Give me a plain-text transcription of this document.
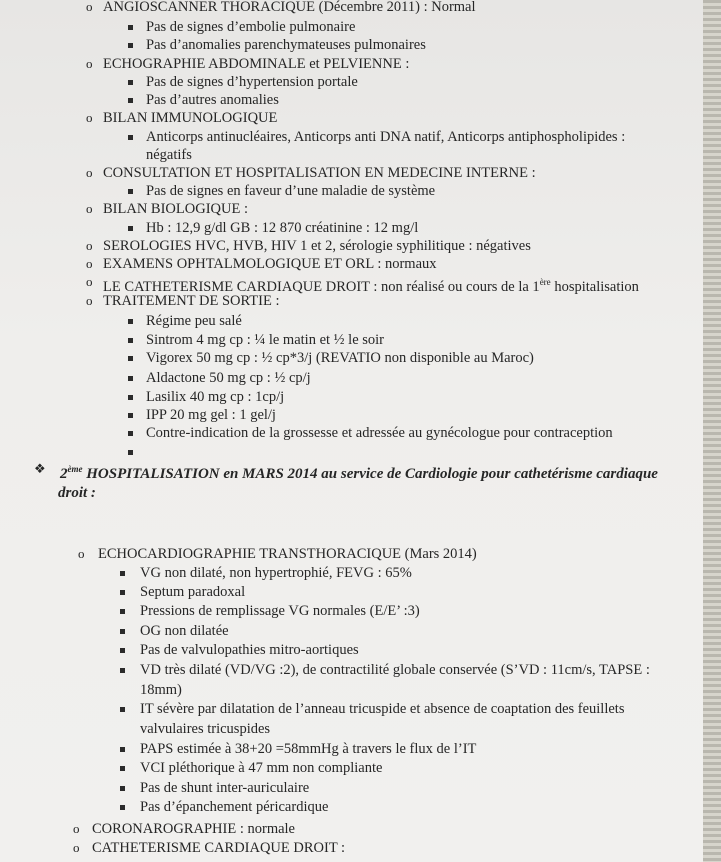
o ANGIOSCANNER THORACIQUE (Décembre 2011) : Normal
Pas de signes d’embolie pulmonaire
Pas d’anomalies parenchymateuses pulmonaires
o ECHOGRAPHIE ABDOMINALE et PELVIENNE :
Pas de signes d’hypertension portale
Pas d’autres anomalies
o BILAN IMMUNOLOGIQUE
Anticorps antinucléaires, Anticorps anti DNA natif, Anticorps antiphospholipides :
négatifs
o CONSULTATION ET HOSPITALISATION EN MEDECINE INTERNE :
Pas de signes en faveur d’une maladie de système
o BILAN BIOLOGIQUE :
Hb : 12,9 g/dl GB : 12 870 créatinine : 12 mg/l
o SEROLOGIES HVC, HVB, HIV 1 et 2, sérologie syphilitique : négatives
o EXAMENS OPHTALMOLOGIQUE ET ORL : normaux
o LE CATHETERISME CARDIAQUE DROIT : non réalisé ou cours de la 1ère hospitalisation
o TRAITEMENT DE SORTIE :
Régime peu salé
Sintrom 4 mg cp : ¼ le matin et ½ le soir
Vigorex 50 mg cp : ½ cp*3/j (REVATIO non disponible au Maroc)
Aldactone 50 mg cp : ½ cp/j
Lasilix 40 mg cp : 1cp/j
IPP 20 mg gel : 1 gel/j
Contre-indication de la grossesse et adressée au gynécologue pour contraception
o ECHOCARDIOGRAPHIE TRANSTHORACIQUE (Mars 2014)
VG non dilaté, non hypertrophié, FEVG : 65%
Septum paradoxal
Pressions de remplissage VG normales (E/E’ :3)
OG non dilatée
Pas de valvulopathies mitro-aortiques
VD très dilaté (VD/VG :2), de contractilité globale conservée (S’VD : 11cm/s, TAPSE :
18mm)
IT sévère par dilatation de l’anneau tricuspide et absence de coaptation des feuillets
valvulaires tricuspides
PAPS estimée à 38+20 =58mmHg à travers le flux de l’IT
VCI pléthorique à 47 mm non compliante
Pas de shunt inter-auriculaire
Pas d’épanchement péricardique
o CORONAROGRAPHIE : normale
o CATHETERISME CARDIAQUE DROIT :
❖ 2ème HOSPITALISATION en MARS 2014 au service de Cardiologie pour cathetérisme cardiaque
droit :
